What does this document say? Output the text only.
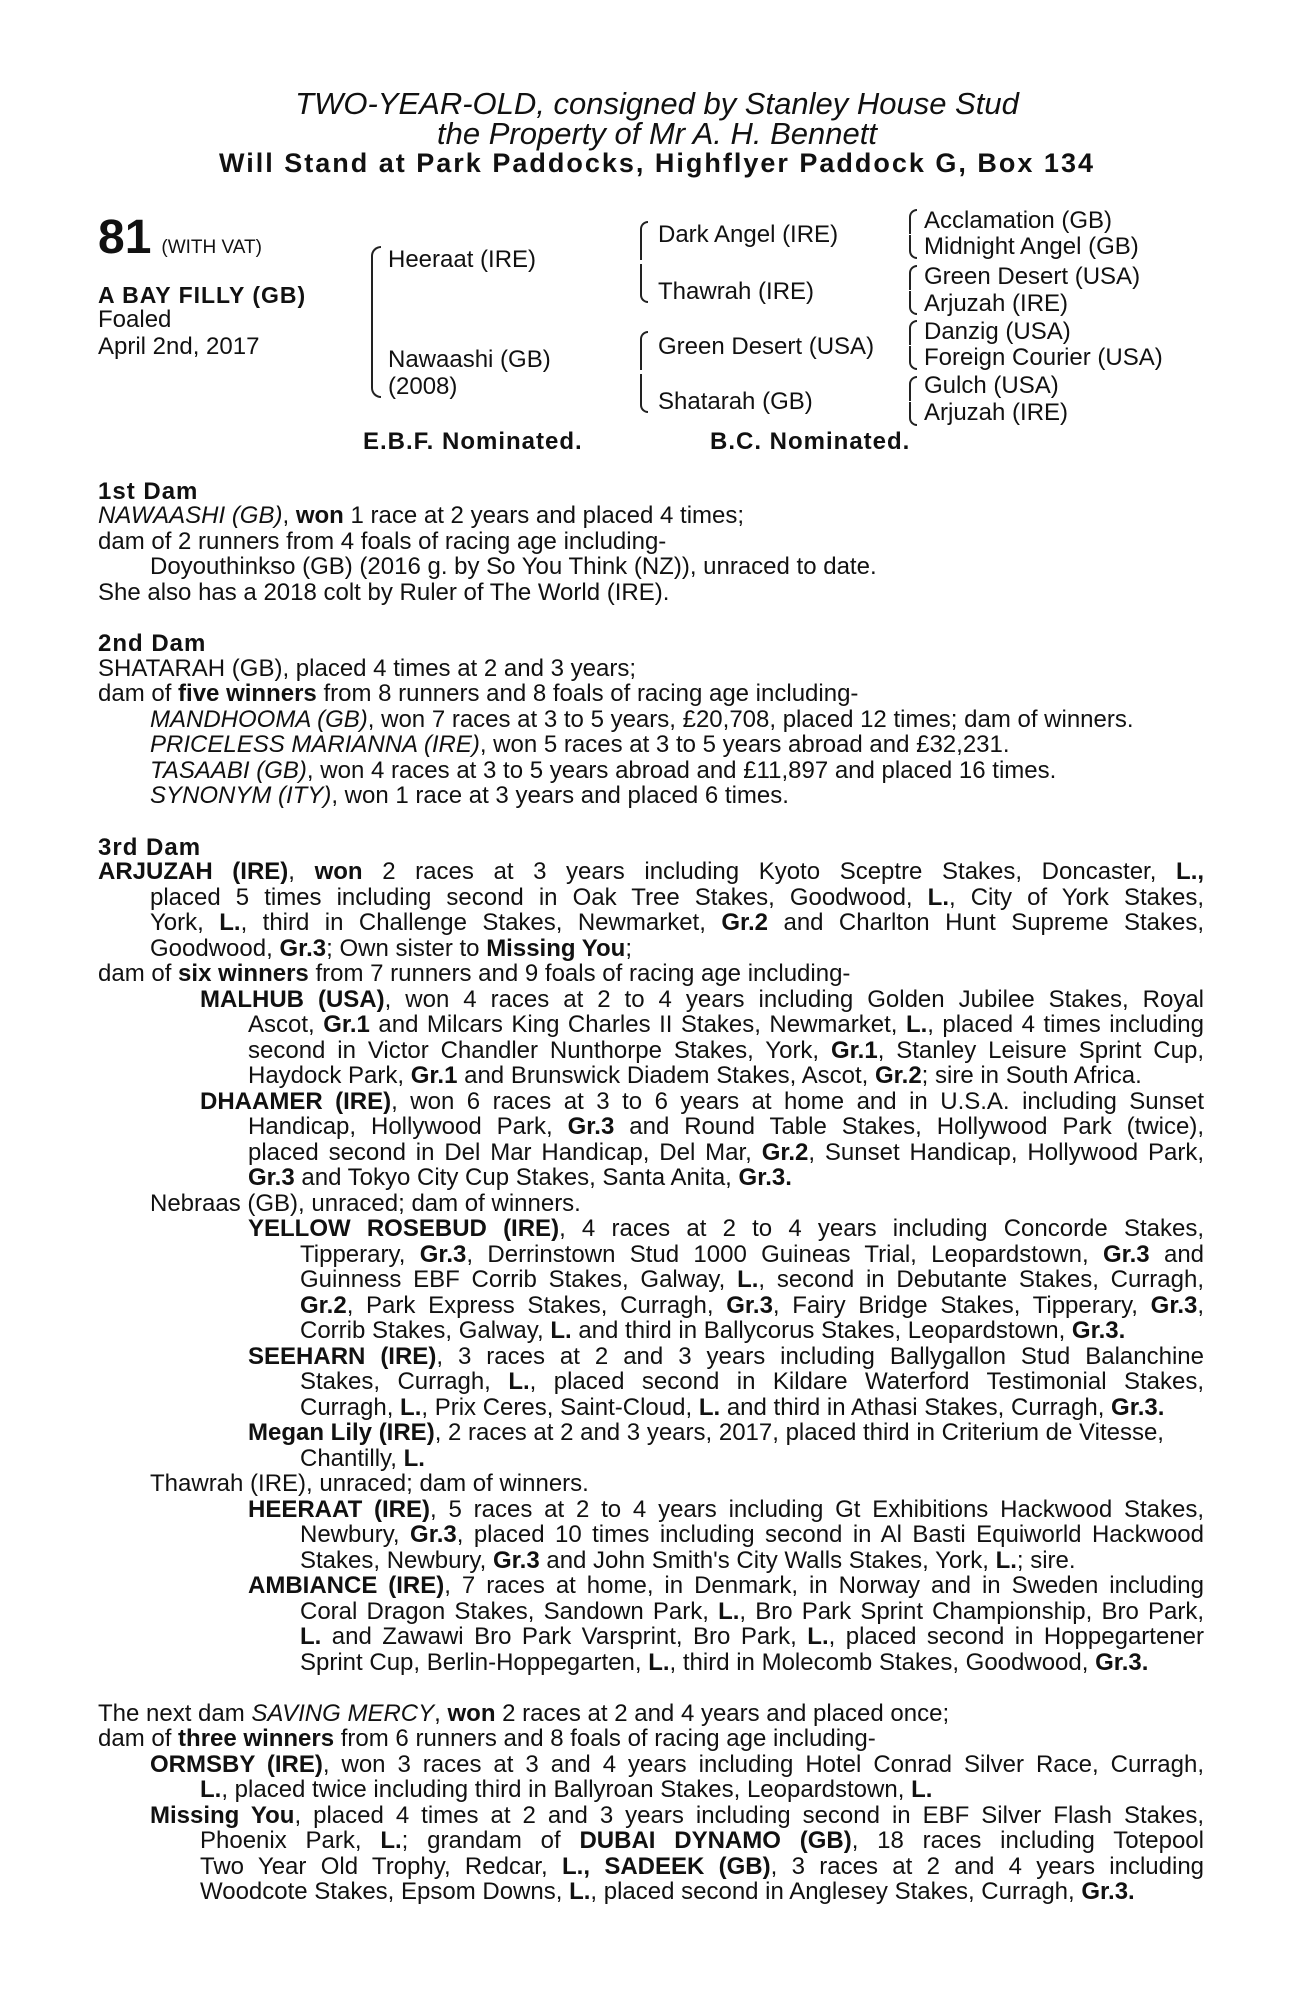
TWO-YEAR-OLD, consigned by Stanley House Stud
the Property of Mr A. H. Bennett
Will Stand at Park Paddocks, Highflyer Paddock G, Box 134
81 (WITH VAT)
A BAY FILLY (GB)
Foaled
April 2nd, 2017
Heeraat (IRE)
Nawaashi (GB)
(2008)
Dark Angel (IRE)
Thawrah (IRE)
Green Desert (USA)
Shatarah (GB)
Acclamation (GB)
Midnight Angel (GB)
Green Desert (USA)
Arjuzah (IRE)
Danzig (USA)
Foreign Courier (USA)
Gulch (USA)
Arjuzah (IRE)
E.B.F. Nominated.	B.C. Nominated.
1st Dam
NAWAASHI (GB), won 1 race at 2 years and placed 4 times;
dam of 2 runners from 4 foals of racing age including-
Doyouthinkso (GB) (2016 g. by So You Think (NZ)), unraced to date.
She also has a 2018 colt by Ruler of The World (IRE).
2nd Dam
SHATARAH (GB), placed 4 times at 2 and 3 years;
dam of five winners from 8 runners and 8 foals of racing age including-
MANDHOOMA (GB), won 7 races at 3 to 5 years, £20,708, placed 12 times; dam of winners.
PRICELESS MARIANNA (IRE), won 5 races at 3 to 5 years abroad and £32,231.
TASAABI (GB), won 4 races at 3 to 5 years abroad and £11,897 and placed 16 times.
SYNONYM (ITY), won 1 race at 3 years and placed 6 times.
3rd Dam
ARJUZAH (IRE), won 2 races at 3 years including Kyoto Sceptre Stakes, Doncaster, L.,
placed 5 times including second in Oak Tree Stakes, Goodwood, L., City of York Stakes,
York, L., third in Challenge Stakes, Newmarket, Gr.2 and Charlton Hunt Supreme Stakes,
Goodwood, Gr.3; Own sister to Missing You;
dam of six winners from 7 runners and 9 foals of racing age including-
MALHUB (USA), won 4 races at 2 to 4 years including Golden Jubilee Stakes, Royal
Ascot, Gr.1 and Milcars King Charles II Stakes, Newmarket, L., placed 4 times including
second in Victor Chandler Nunthorpe Stakes, York, Gr.1, Stanley Leisure Sprint Cup,
Haydock Park, Gr.1 and Brunswick Diadem Stakes, Ascot, Gr.2; sire in South Africa.
DHAAMER (IRE), won 6 races at 3 to 6 years at home and in U.S.A. including Sunset
Handicap, Hollywood Park, Gr.3 and Round Table Stakes, Hollywood Park (twice),
placed second in Del Mar Handicap, Del Mar, Gr.2, Sunset Handicap, Hollywood Park,
Gr.3 and Tokyo City Cup Stakes, Santa Anita, Gr.3.
Nebraas (GB), unraced; dam of winners.
YELLOW ROSEBUD (IRE), 4 races at 2 to 4 years including Concorde Stakes,
Tipperary, Gr.3, Derrinstown Stud 1000 Guineas Trial, Leopardstown, Gr.3 and
Guinness EBF Corrib Stakes, Galway, L., second in Debutante Stakes, Curragh,
Gr.2, Park Express Stakes, Curragh, Gr.3, Fairy Bridge Stakes, Tipperary, Gr.3,
Corrib Stakes, Galway, L. and third in Ballycorus Stakes, Leopardstown, Gr.3.
SEEHARN (IRE), 3 races at 2 and 3 years including Ballygallon Stud Balanchine
Stakes, Curragh, L., placed second in Kildare Waterford Testimonial Stakes,
Curragh, L., Prix Ceres, Saint-Cloud, L. and third in Athasi Stakes, Curragh, Gr.3.
Megan Lily (IRE), 2 races at 2 and 3 years, 2017, placed third in Criterium de Vitesse,
Chantilly, L.
Thawrah (IRE), unraced; dam of winners.
HEERAAT (IRE), 5 races at 2 to 4 years including Gt Exhibitions Hackwood Stakes,
Newbury, Gr.3, placed 10 times including second in Al Basti Equiworld Hackwood
Stakes, Newbury, Gr.3 and John Smith's City Walls Stakes, York, L.; sire.
AMBIANCE (IRE), 7 races at home, in Denmark, in Norway and in Sweden including
Coral Dragon Stakes, Sandown Park, L., Bro Park Sprint Championship, Bro Park,
L. and Zawawi Bro Park Varsprint, Bro Park, L., placed second in Hoppegartener
Sprint Cup, Berlin-Hoppegarten, L., third in Molecomb Stakes, Goodwood, Gr.3.
The next dam SAVING MERCY, won 2 races at 2 and 4 years and placed once;
dam of three winners from 6 runners and 8 foals of racing age including-
ORMSBY (IRE), won 3 races at 3 and 4 years including Hotel Conrad Silver Race, Curragh,
L., placed twice including third in Ballyroan Stakes, Leopardstown, L.
Missing You, placed 4 times at 2 and 3 years including second in EBF Silver Flash Stakes,
Phoenix Park, L.; grandam of DUBAI DYNAMO (GB), 18 races including Totepool
Two Year Old Trophy, Redcar, L., SADEEK (GB), 3 races at 2 and 4 years including
Woodcote Stakes, Epsom Downs, L., placed second in Anglesey Stakes, Curragh, Gr.3.
